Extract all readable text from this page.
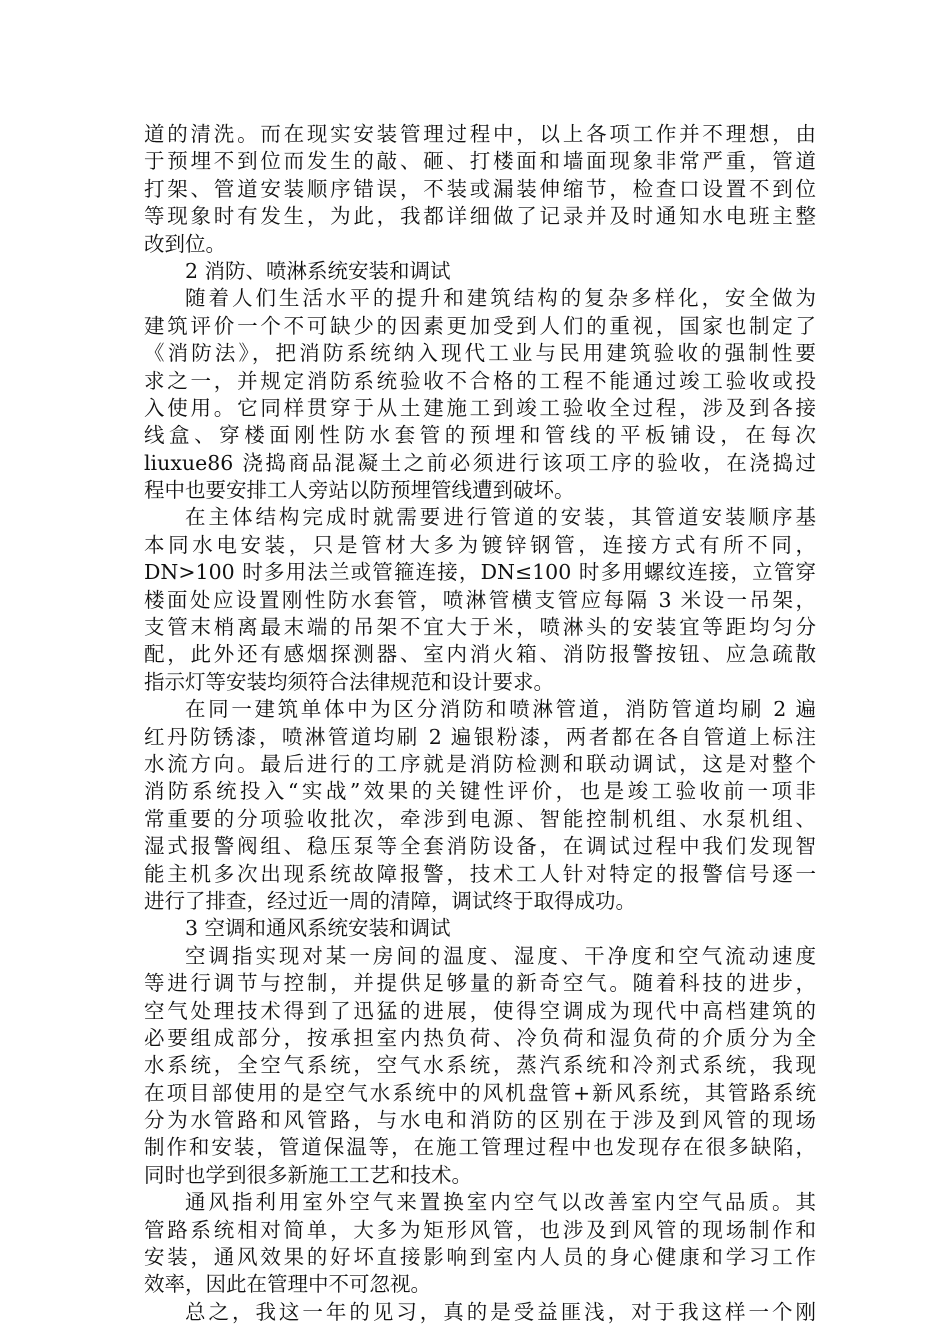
道的清洗。而在现实安装管理过程中，以上各项工作并不理想，由
于预埋不到位而发生的敲、砸、打楼面和墙面现象非常严重，管道
打架、管道安装顺序错误，不装或漏装伸缩节，检查口设置不到位
等现象时有发生，为此，我都详细做了记录并及时通知水电班主整
改到位。
2 消防、喷淋系统安装和调试
随着人们生活水平的提升和建筑结构的复杂多样化，安全做为
建筑评价一个不可缺少的因素更加受到人们的重视，国家也制定了
《消防法》，把消防系统纳入现代工业与民用建筑验收的强制性要
求之一，并规定消防系统验收不合格的工程不能通过竣工验收或投
入使用。它同样贯穿于从土建施工到竣工验收全过程，涉及到各接
线盒、穿楼面刚性防水套管的预埋和管线的平板铺设，在每次
liuxue86 浇捣商品混凝土之前必须进行该项工序的验收，在浇捣过
程中也要安排工人旁站以防预埋管线遭到破坏。
在主体结构完成时就需要进行管道的安装，其管道安装顺序基
本同水电安装，只是管材大多为镀锌钢管，连接方式有所不同，
DN>100 时多用法兰或管箍连接，DN≤100 时多用螺纹连接，立管穿
楼面处应设置刚性防水套管，喷淋管横支管应每隔 3 米设一吊架，
支管末梢离最末端的吊架不宜大于米，喷淋头的安装宜等距均匀分
配，此外还有感烟探测器、室内消火箱、消防报警按钮、应急疏散
指示灯等安装均须符合法律规范和设计要求。
在同一建筑单体中为区分消防和喷淋管道，消防管道均刷 2 遍
红丹防锈漆，喷淋管道均刷 2 遍银粉漆，两者都在各自管道上标注
水流方向。最后进行的工序就是消防检测和联动调试，这是对整个
消防系统投入“实战”效果的关键性评价，也是竣工验收前一项非
常重要的分项验收批次，牵涉到电源、智能控制机组、水泵机组、
湿式报警阀组、稳压泵等全套消防设备，在调试过程中我们发现智
能主机多次出现系统故障报警，技术工人针对特定的报警信号逐一
进行了排查，经过近一周的清障，调试终于取得成功。
3 空调和通风系统安装和调试
空调指实现对某一房间的温度、湿度、干净度和空气流动速度
等进行调节与控制，并提供足够量的新奇空气。随着科技的进步，
空气处理技术得到了迅猛的进展，使得空调成为现代中高档建筑的
必要组成部分，按承担室内热负荷、冷负荷和湿负荷的介质分为全
水系统，全空气系统，空气水系统，蒸汽系统和冷剂式系统，我现
在项目部使用的是空气水系统中的风机盘管+新风系统，其管路系统
分为水管路和风管路，与水电和消防的区别在于涉及到风管的现场
制作和安装，管道保温等，在施工管理过程中也发现存在很多缺陷，
同时也学到很多新施工工艺和技术。
通风指利用室外空气来置换室内空气以改善室内空气品质。其
管路系统相对简单，大多为矩形风管，也涉及到风管的现场制作和
安装，通风效果的好坏直接影响到室内人员的身心健康和学习工作
效率，因此在管理中不可忽视。
总之，我这一年的见习，真的是受益匪浅，对于我这样一个刚
